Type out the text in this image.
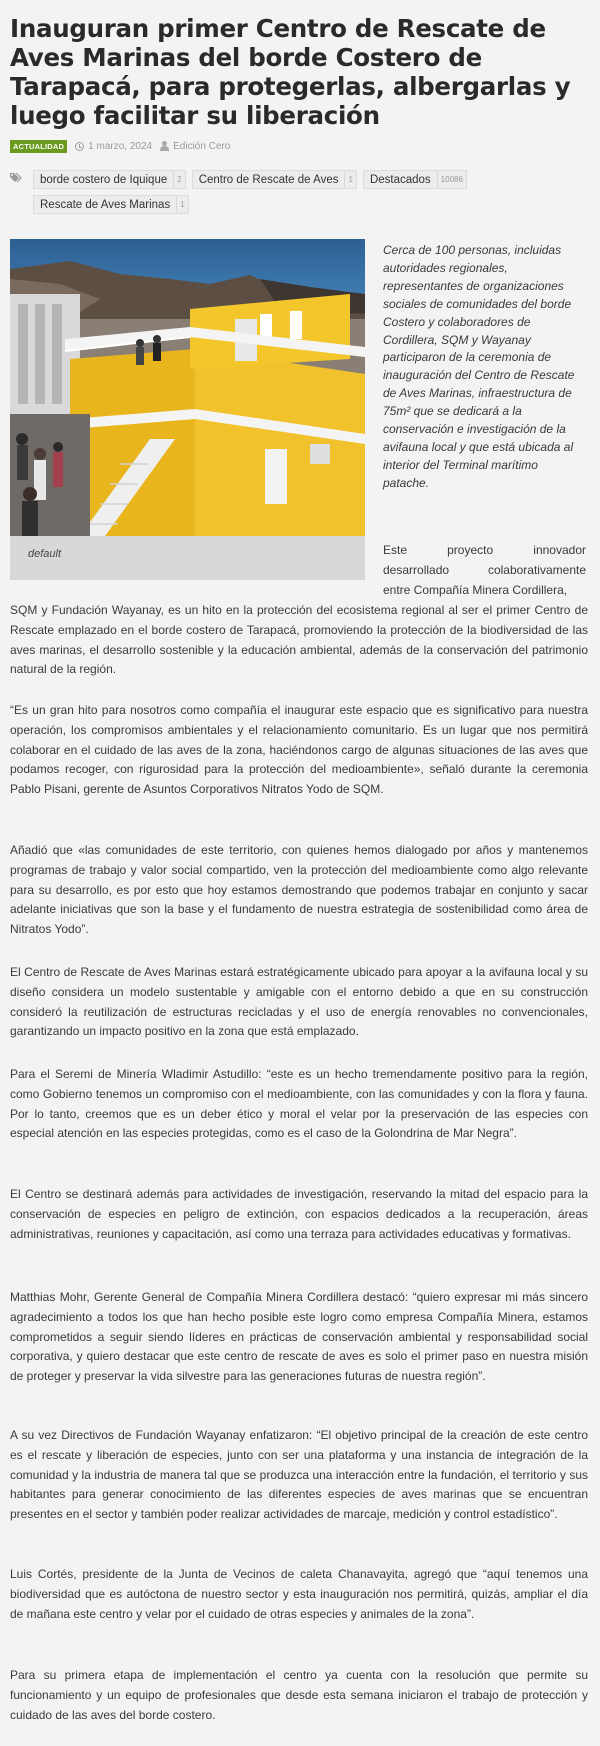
Inauguran primer Centro de Rescate de Aves Marinas del borde Costero de Tarapacá, para protegerlas, albergarlas y luego facilitar su liberación
ACTUALIDAD	1 marzo, 2024 Edición Cero
borde costero de Iquique	2 Centro de Rescate de Aves	1 Destacados	10086
Rescate de Aves Marinas	1
default

Cerca de 100 personas, incluidas autoridades regionales, representantes de organizaciones sociales de comunidades del borde Costero y colaboradores de Cordillera, SQM y Wayanay participaron de la ceremonia de inauguración del Centro de Rescate de Aves Marinas, infraestructura de 75m² que se dedicará a la conservación e investigación de la avifauna local y que está ubicada al interior del Terminal marítimo patache.

Este proyecto innovador

desarrollado colaborativamente

entre Compañía Minera Cordillera,

SQM y Fundación Wayanay, es un hito en la protección del ecosistema regional al ser el primer Centro de Rescate emplazado en el borde costero de Tarapacá, promoviendo la protección de la biodiversidad de las aves marinas, el desarrollo sostenible y la educación ambiental, además de la conservación del patrimonio natural de la región.

“Es un gran hito para nosotros como compañía el inaugurar este espacio que es significativo para nuestra operación, los compromisos ambientales y el relacionamiento comunitario. Es un lugar que nos permitirá colaborar en el cuidado de las aves de la zona, haciéndonos cargo de algunas situaciones de las aves que podamos recoger, con rigurosidad para la protección del medioambiente», señaló durante la ceremonia Pablo Pisani, gerente de Asuntos Corporativos Nitratos Yodo de SQM.

Añadió que «las comunidades de este territorio, con quienes hemos dialogado por años y mantenemos programas de trabajo y valor social compartido, ven la protección del medioambiente como algo relevante para su desarrollo, es por esto que hoy estamos demostrando que podemos trabajar en conjunto y sacar adelante iniciativas que son la base y el fundamento de nuestra estrategia de sostenibilidad como área de Nitratos Yodo”.

El Centro de Rescate de Aves Marinas estará estratégicamente ubicado para apoyar a la avifauna local y su diseño considera un modelo sustentable y amigable con el entorno debido a que en su construcción consideró la reutilización de estructuras recicladas y el uso de energía renovables no convencionales, garantizando un impacto positivo en la zona que está emplazado.

Para el Seremi de Minería Wladimir Astudillo: “este es un hecho tremendamente positivo para la región, como Gobierno tenemos un compromiso con el medioambiente, con las comunidades y con la flora y fauna. Por lo tanto, creemos que es un deber ético y moral el velar por la preservación de las especies con especial atención en las especies protegidas, como es el caso de la Golondrina de Mar Negra”.

El Centro se destinará además para actividades de investigación, reservando la mitad del espacio para la conservación de especies en peligro de extinción, con espacios dedicados a la recuperación, áreas administrativas, reuniones y capacitación, así como una terraza para actividades educativas y formativas.

Matthias Mohr, Gerente General de Compañía Minera Cordillera destacó: “quiero expresar mi más sincero agradecimiento a todos los que han hecho posible este logro como empresa Compañía Minera, estamos comprometidos a seguir siendo líderes en prácticas de conservación ambiental y responsabilidad social corporativa, y quiero destacar que este centro de rescate de aves es solo el primer paso en nuestra misión de proteger y preservar la vida silvestre para las generaciones futuras de nuestra región”.

A su vez Directivos de Fundación Wayanay enfatizaron: “El objetivo principal de la creación de este centro es el rescate y liberación de especies, junto con ser una plataforma y una instancia de integración de la comunidad y la industria de manera tal que se produzca una interacción entre la fundación, el territorio y sus habitantes para generar conocimiento de las diferentes especies de aves marinas que se encuentran presentes en el sector y también poder realizar actividades de marcaje, medición y control estadístico”.

Luis Cortés, presidente de la Junta de Vecinos de caleta Chanavayita, agregó que “aquí tenemos una biodiversidad que es autóctona de nuestro sector y esta inauguración nos permitirá, quizás, ampliar el día de mañana este centro y velar por el cuidado de otras especies y animales de la zona”.

Para su primera etapa de implementación el centro ya cuenta con la resolución que permite su funcionamiento y un equipo de profesionales que desde esta semana iniciaron el trabajo de protección y cuidado de las aves del borde costero.
